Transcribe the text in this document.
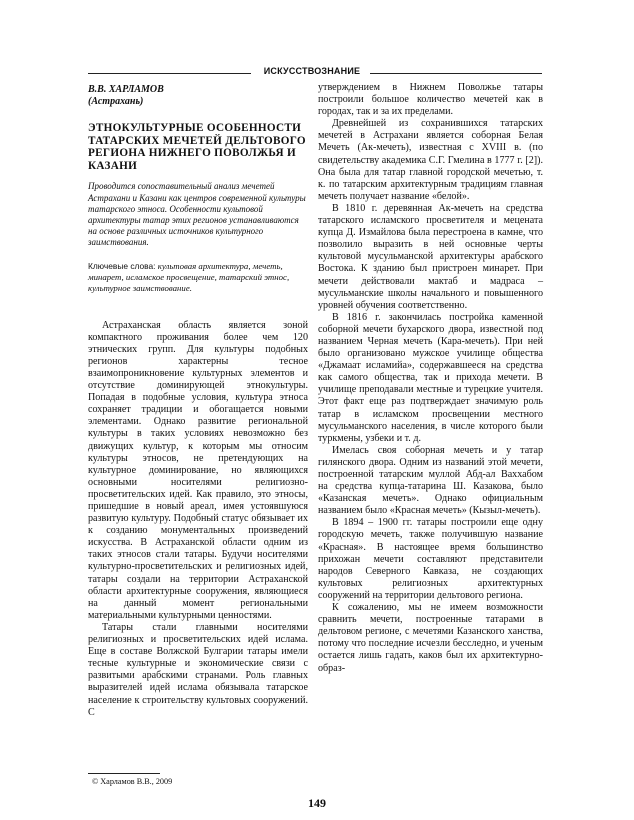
ИСКУССТВОЗНАНИЕ
В.В. ХАРЛАМОВ
(Астрахань)
ЭТНОКУЛЬТУРНЫЕ ОСОБЕННОСТИ ТАТАРСКИХ МЕЧЕТЕЙ ДЕЛЬТОВОГО РЕГИОНА НИЖНЕГО ПОВОЛЖЬЯ И КАЗАНИ
Проводится сопоставительный анализ мечетей Астрахани и Казани как центров современной культуры татарского этноса. Особенности культовой архитектуры татар этих регионов устанавливаются на основе различных источников культурного заимствования.
Ключевые слова: культовая архитектура, мечеть, минарет, исламское просвещение, татарский этнос, культурное заимствование.

Астраханская область является зоной компактного проживания более чем 120 этнических групп. Для культуры подобных регионов характерны тесное взаимопроникновение культурных элементов и отсутствие доминирующей этнокультуры. Попадая в подобные условия, культура этноса сохраняет традиции и обогащается новыми элементами. Однако развитие региональной культуры в таких условиях невозможно без движущих культур, к которым мы относим культуры этносов, не претендующих на культурное доминирование, но являющихся основными носителями религиозно-просветительских идей. Как правило, это этносы, пришедшие в новый ареал, имея устоявшуюся развитую культуру. Подобный статус обязывает их к созданию монументальных произведений искусства. В Астраханской области одним из таких этносов стали татары. Будучи носителями культурно-просветительских и религиозных идей, татары создали на территории Астраханской области архитектурные сооружения, являющиеся на данный момент региональными материальными культурными ценностями.

Татары стали главными носителями религиозных и просветительских идей ислама. Еще в составе Волжской Булгарии татары имели тесные культурные и экономические связи с развитыми арабскими странами. Роль главных выразителей идей ислама обязывала татарское население к строительству культовых сооружений. С

утверждением в Нижнем Поволжье татары построили большое количество мечетей как в городах, так и за их пределами.

Древнейшей из сохранившихся татарских мечетей в Астрахани является соборная Белая Мечеть (Ак-мечеть), известная с XVIII в. (по свидетельству академика С.Г. Гмелина в 1777 г. [2]). Она была для татар главной городской мечетью, т. к. по татарским архитектурным традициям главная мечеть получает название «белой».

В 1810 г. деревянная Ак-мечеть на средства татарского исламского просветителя и мецената купца Д. Измайлова была перестроена в камне, что позволило выразить в ней основные черты культовой мусульманской архитектуры арабского Востока. К зданию был пристроен минарет. При мечети действовали мактаб и мадраса – мусульманские школы начального и повышенного уровней обучения соответственно.

В 1816 г. закончилась постройка каменной соборной мечети бухарского двора, известной под названием Черная мечеть (Кара-мечеть). При ней было организовано мужское училище общества «Джамаат исламийа», содержавшееся на средства как самого общества, так и прихода мечети. В училище преподавали местные и турецкие учителя. Этот факт еще раз подтверждает значимую роль татар в исламском просвещении местного мусульманского населения, в числе которого были туркмены, узбеки и т. д.

Имелась своя соборная мечеть и у татар гилянского двора. Одним из названий этой мечети, построенной татарским муллой Абд-ал Ваххабом на средства купца-татарина Ш. Казакова, было «Казанская мечеть». Однако официальным названием было «Красная мечеть» (Кызыл-мечеть).

В 1894 – 1900 гг. татары построили еще одну городскую мечеть, также получившую название «Красная». В настоящее время большинство прихожан мечети составляют представители народов Северного Кавказа, не создающих культовых религиозных архитектурных сооружений на территории дельтового региона.

К сожалению, мы не имеем возможности сравнить мечети, построенные татарами в дельтовом регионе, с мечетями Казанского ханства, потому что последние исчезли бесследно, и ученым остается лишь гадать, каков был их архитектурно-образ-

© Харламов В.В., 2009
149
